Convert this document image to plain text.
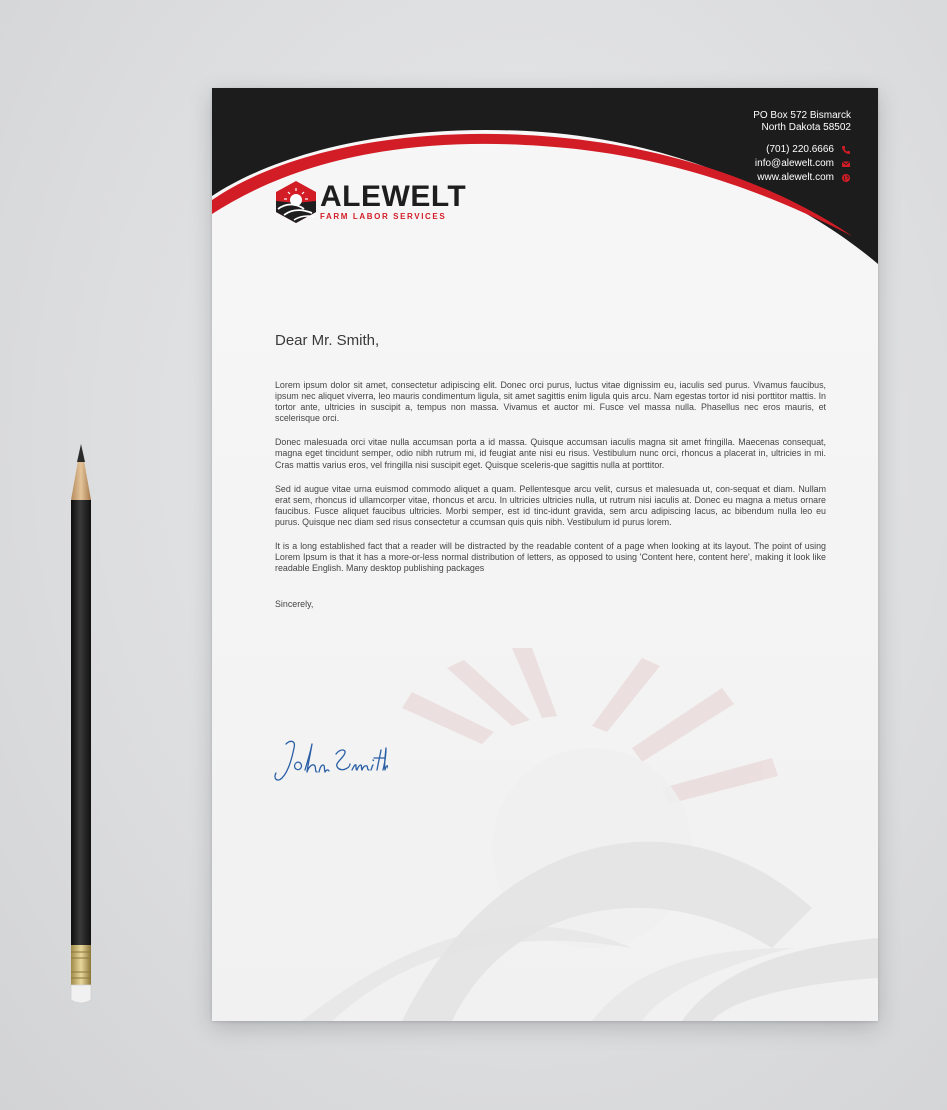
PO Box 572 Bismarck
North Dakota 58502
(701) 220.6666
info@alewelt.com
www.alewelt.com
ALEWELT
FARM LABOR SERVICES

Dear Mr. Smith,

Lorem ipsum dolor sit amet, consectetur adipiscing elit. Donec orci purus, luctus vitae dignissim eu, iaculis sed purus. Vivamus faucibus, ipsum nec aliquet viverra, leo mauris condimentum ligula, sit amet sagittis enim ligula quis arcu. Nam egestas tortor id nisi porttitor mattis. In tortor ante, ultricies in suscipit a, tempus non massa. Vivamus et auctor mi. Fusce vel massa nulla. Phasellus nec eros mauris, et scelerisque orci.

Donec malesuada orci vitae nulla accumsan porta a id massa. Quisque accumsan iaculis magna sit amet fringilla. Maecenas consequat, magna eget tincidunt semper, odio nibh rutrum mi, id feugiat ante nisi eu risus. Vestibulum nunc orci, rhoncus a placerat in, ultricies in mi. Cras mattis varius eros, vel fringilla nisi suscipit eget. Quisque sceleris-que sagittis nulla at porttitor.

Sed id augue vitae urna euismod commodo aliquet a quam. Pellentesque arcu velit, cursus et malesuada ut, con-sequat et diam. Nullam erat sem, rhoncus id ullamcorper vitae, rhoncus et arcu. In ultricies ultricies nulla, ut rutrum nisi iaculis at. Donec eu magna a metus ornare faucibus. Fusce aliquet faucibus ultricies. Morbi semper, est id tinc-idunt gravida, sem arcu adipiscing lacus, ac bibendum nulla leo eu purus. Quisque nec diam sed risus consectetur a ccumsan quis quis nibh. Vestibulum id purus lorem.

It is a long established fact that a reader will be distracted by the readable content of a page when looking at its layout. The point of using Lorem Ipsum is that it has a more-or-less normal distribution of letters, as opposed to using 'Content here, content here', making it look like readable English. Many desktop publishing packages

Sincerely,
